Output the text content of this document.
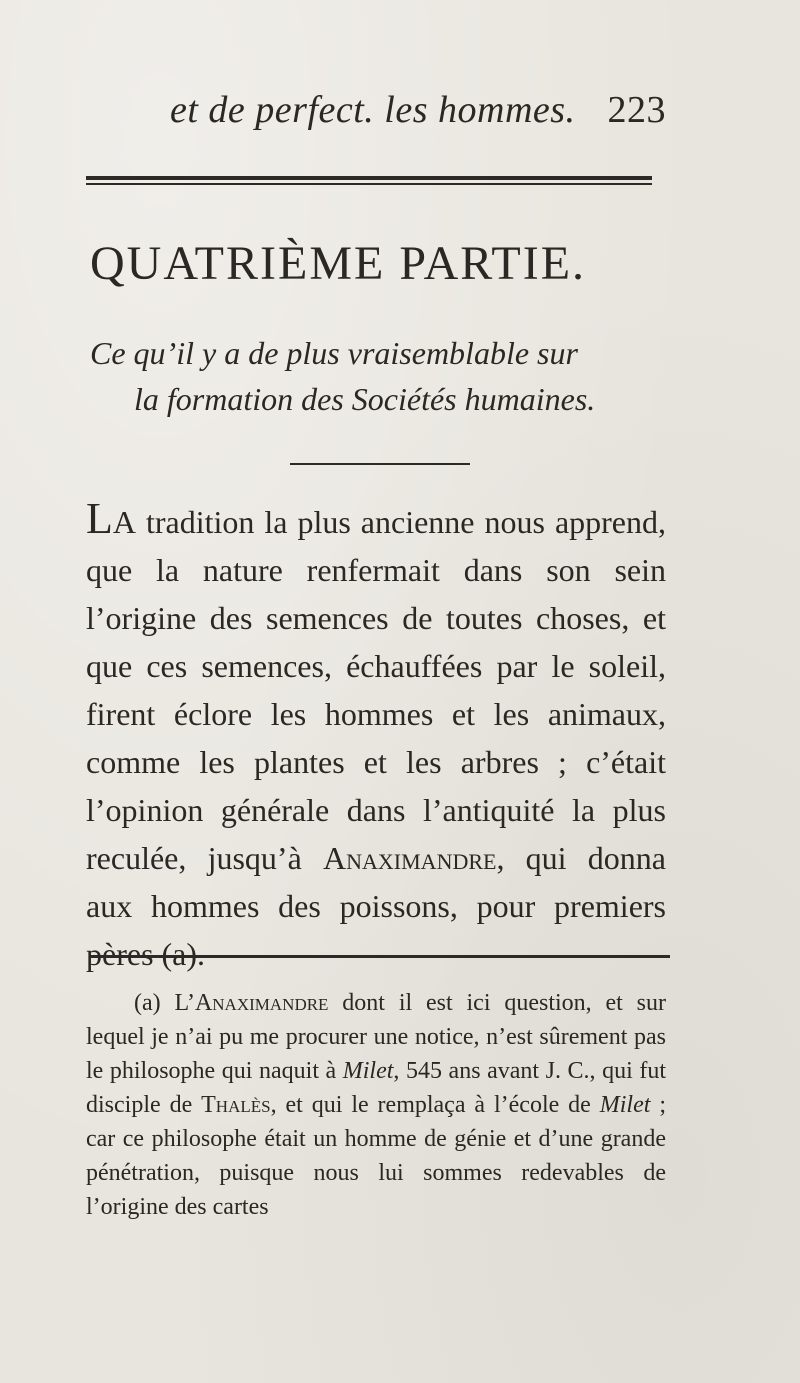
et de perfect. les hommes. 223
QUATRIÈME PARTIE.
Ce qu’il y a de plus vraisemblable sur
la formation des Sociétés humaines.

LA tradition la plus ancienne nous apprend, que la nature renfermait dans son sein l’origine des semences de toutes choses, et que ces semences, échauffées par le soleil, firent éclore les hommes et les animaux, comme les plantes et les arbres ; c’était l’opinion générale dans l’antiquité la plus reculée, jusqu’à Anaximandre, qui donna aux hommes des poissons, pour premiers pères (a).

  (a) L’Anaximandre dont il est ici question, et sur lequel je n’ai pu me procurer une notice, n’est sûrement pas le philosophe qui naquit à Milet, 545 ans avant J. C., qui fut disciple de Thalès, et qui le remplaça à l’école de Milet ; car ce philosophe était un homme de génie et d’une grande pénétration, puisque nous lui sommes redevables de l’origine des cartes
